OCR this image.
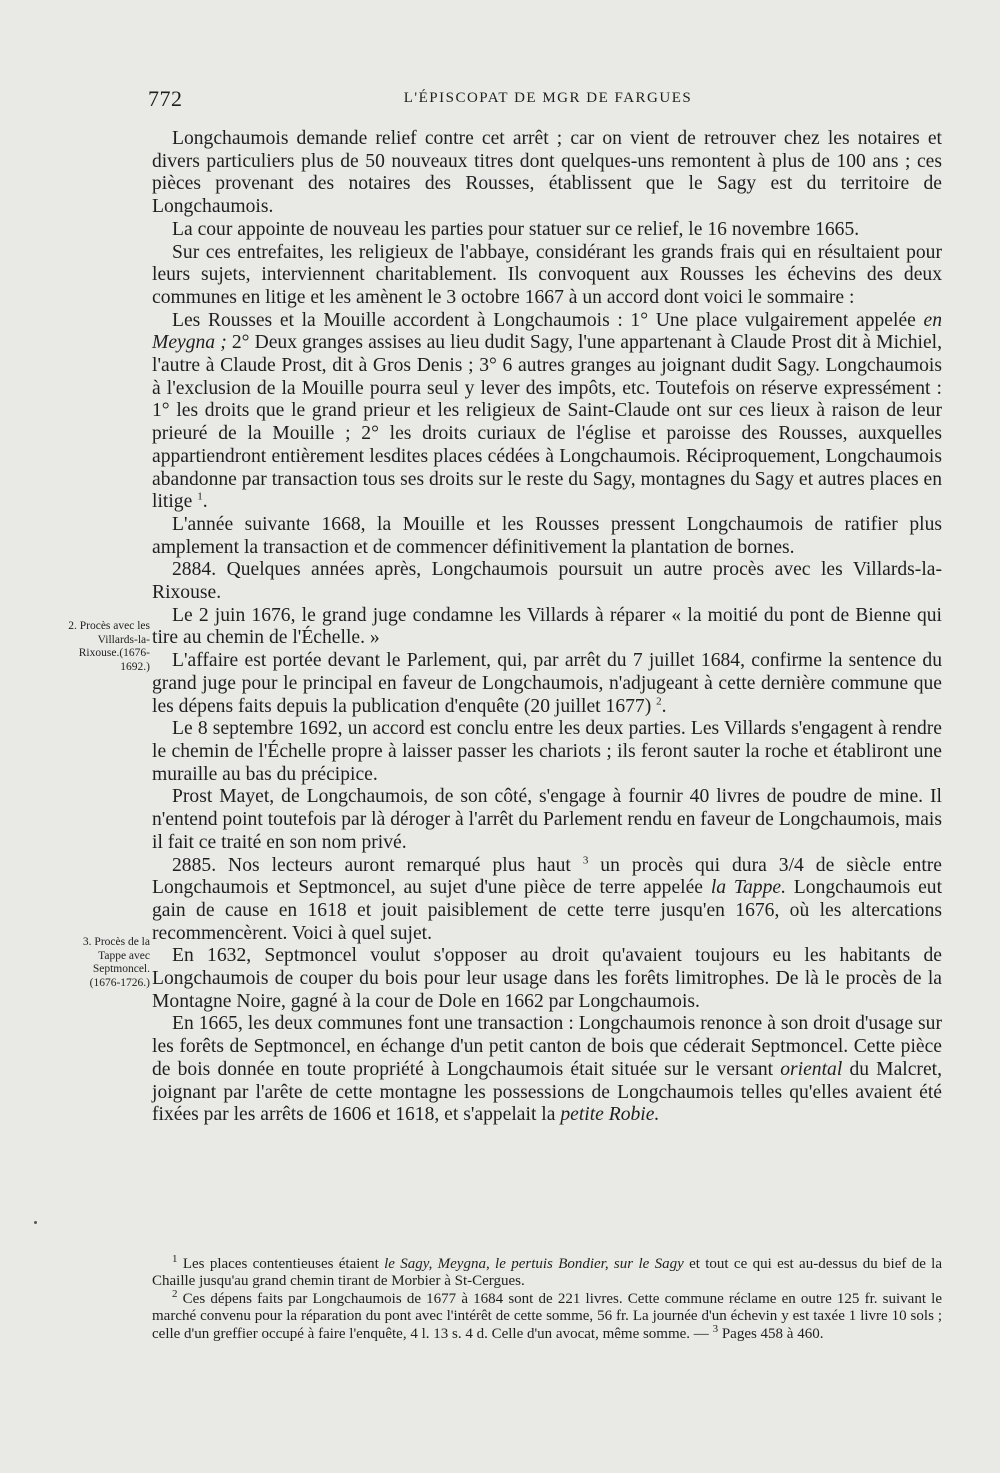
772	L'ÉPISCOPAT DE MGR DE FARGUES
2. Procès avec les Villards-la-Rixouse.(1676-1692.)
3. Procès de la Tappe avec Septmoncel. (1676-1726.)

Longchaumois demande relief contre cet arrêt ; car on vient de retrouver chez les notaires et divers particuliers plus de 50 nouveaux titres dont quelques-uns remontent à plus de 100 ans ; ces pièces provenant des notaires des Rousses, établissent que le Sagy est du territoire de Longchaumois.

La cour appointe de nouveau les parties pour statuer sur ce relief, le 16 novembre 1665.

Sur ces entrefaites, les religieux de l'abbaye, considérant les grands frais qui en résultaient pour leurs sujets, interviennent charitablement. Ils convoquent aux Rousses les échevins des deux communes en litige et les amènent le 3 octobre 1667 à un accord dont voici le sommaire :

Les Rousses et la Mouille accordent à Longchaumois : 1° Une place vulgairement appelée en Meygna ; 2° Deux granges assises au lieu dudit Sagy, l'une appartenant à Claude Prost dit à Michiel, l'autre à Claude Prost, dit à Gros Denis ; 3° 6 autres granges au joignant dudit Sagy. Longchaumois à l'exclusion de la Mouille pourra seul y lever des impôts, etc. Toutefois on réserve expressément : 1° les droits que le grand prieur et les religieux de Saint-Claude ont sur ces lieux à raison de leur prieuré de la Mouille ; 2° les droits curiaux de l'église et paroisse des Rousses, auxquelles appartiendront entièrement lesdites places cédées à Longchaumois. Réciproquement, Longchaumois abandonne par transaction tous ses droits sur le reste du Sagy, montagnes du Sagy et autres places en litige $^1$.

L'année suivante 1668, la Mouille et les Rousses pressent Longchaumois de ratifier plus amplement la transaction et de commencer définitivement la plantation de bornes.

2884. Quelques années après, Longchaumois poursuit un autre procès avec les Villards-la-Rixouse.

Le 2 juin 1676, le grand juge condamne les Villards à réparer « la moitié du pont de Bienne qui tire au chemin de l'Échelle. »

L'affaire est portée devant le Parlement, qui, par arrêt du 7 juillet 1684, confirme la sentence du grand juge pour le principal en faveur de Longchaumois, n'adjugeant à cette dernière commune que les dépens faits depuis la publication d'enquête (20 juillet 1677) $^2$.

Le 8 septembre 1692, un accord est conclu entre les deux parties. Les Villards s'engagent à rendre le chemin de l'Échelle propre à laisser passer les chariots ; ils feront sauter la roche et établiront une muraille au bas du précipice.

Prost Mayet, de Longchaumois, de son côté, s'engage à fournir 40 livres de poudre de mine. Il n'entend point toutefois par là déroger à l'arrêt du Parlement rendu en faveur de Longchaumois, mais il fait ce traité en son nom privé.

2885. Nos lecteurs auront remarqué plus haut $^3$ un procès qui dura 3/4 de siècle entre Longchaumois et Septmoncel, au sujet d'une pièce de terre appelée la Tappe. Longchaumois eut gain de cause en 1618 et jouit paisiblement de cette terre jusqu'en 1676, où les altercations recommencèrent. Voici à quel sujet.

En 1632, Septmoncel voulut s'opposer au droit qu'avaient toujours eu les habitants de Longchaumois de couper du bois pour leur usage dans les forêts limitrophes. De là le procès de la Montagne Noire, gagné à la cour de Dole en 1662 par Longchaumois.

En 1665, les deux communes font une transaction : Longchaumois renonce à son droit d'usage sur les forêts de Septmoncel, en échange d'un petit canton de bois que céderait Septmoncel. Cette pièce de bois donnée en toute propriété à Longchaumois était située sur le versant oriental du Malcret, joignant par l'arête de cette montagne les possessions de Longchaumois telles qu'elles avaient été fixées par les arrêts de 1606 et 1618, et s'appelait la petite Robie.

$^1$ Les places contentieuses étaient le Sagy, Meygna, le pertuis Bondier, sur le Sagy et tout ce qui est au-dessus du bief de la Chaille jusqu'au grand chemin tirant de Morbier à St-Cergues.

$^2$ Ces dépens faits par Longchaumois de 1677 à 1684 sont de 221 livres. Cette commune réclame en outre 125 fr. suivant le marché convenu pour la réparation du pont avec l'intérêt de cette somme, 56 fr. La journée d'un échevin y est taxée 1 livre 10 sols ; celle d'un greffier occupé à faire l'enquête, 4 l. 13 s. 4 d. Celle d'un avocat, même somme. — $^3$ Pages 458 à 460.
